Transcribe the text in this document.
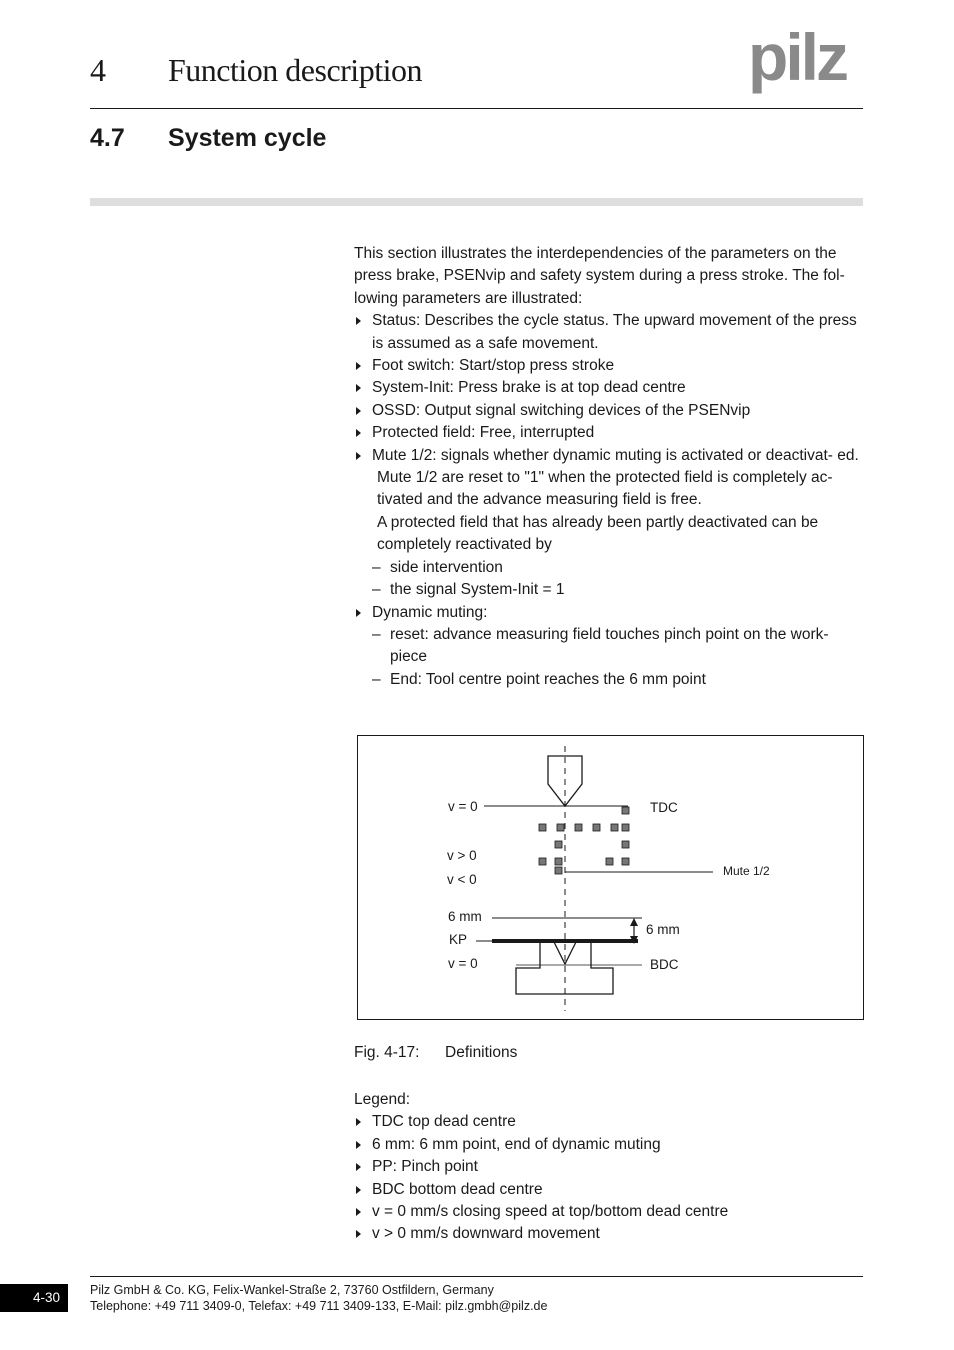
4 Function description	pilz
4.7 System cycle

This section illustrates the interdependencies of the parameters on the press brake, PSENvip and safety system during a press stroke. The fol- lowing parameters are illustrated:

Status: Describes the cycle status. The upward movement of the press is assumed as a safe movement.

Foot switch: Start/stop press stroke

System-Init: Press brake is at top dead centre

OSSD: Output signal switching devices of the PSENvip

Protected field: Free, interrupted

Mute 1/2: signals whether dynamic muting is activated or deactivat- ed.

Mute 1/2 are reset to "1" when the protected field is completely ac- tivated and the advance measuring field is free.

A protected field that has already been partly deactivated can be completely reactivated by

– side intervention

– the signal System-Init = 1

Dynamic muting:

– reset: advance measuring field touches pinch point on the work- piece

– End: Tool centre point reaches the 6 mm point

v = 0	TDC
v > 0
v < 0
Mute 1/2
6 mm
6 mm
KP
v = 0	BDC
Fig. 4-17: Definitions

Legend:

TDC top dead centre

6 mm: 6 mm point, end of dynamic muting

PP: Pinch point

BDC bottom dead centre

v = 0 mm/s closing speed at top/bottom dead centre

v > 0 mm/s downward movement

4-30	Pilz GmbH & Co. KG, Felix-Wankel-Straße 2, 73760 Ostfildern, Germany
Telephone: +49 711 3409-0, Telefax: +49 711 3409-133, E-Mail: pilz.gmbh@pilz.de
